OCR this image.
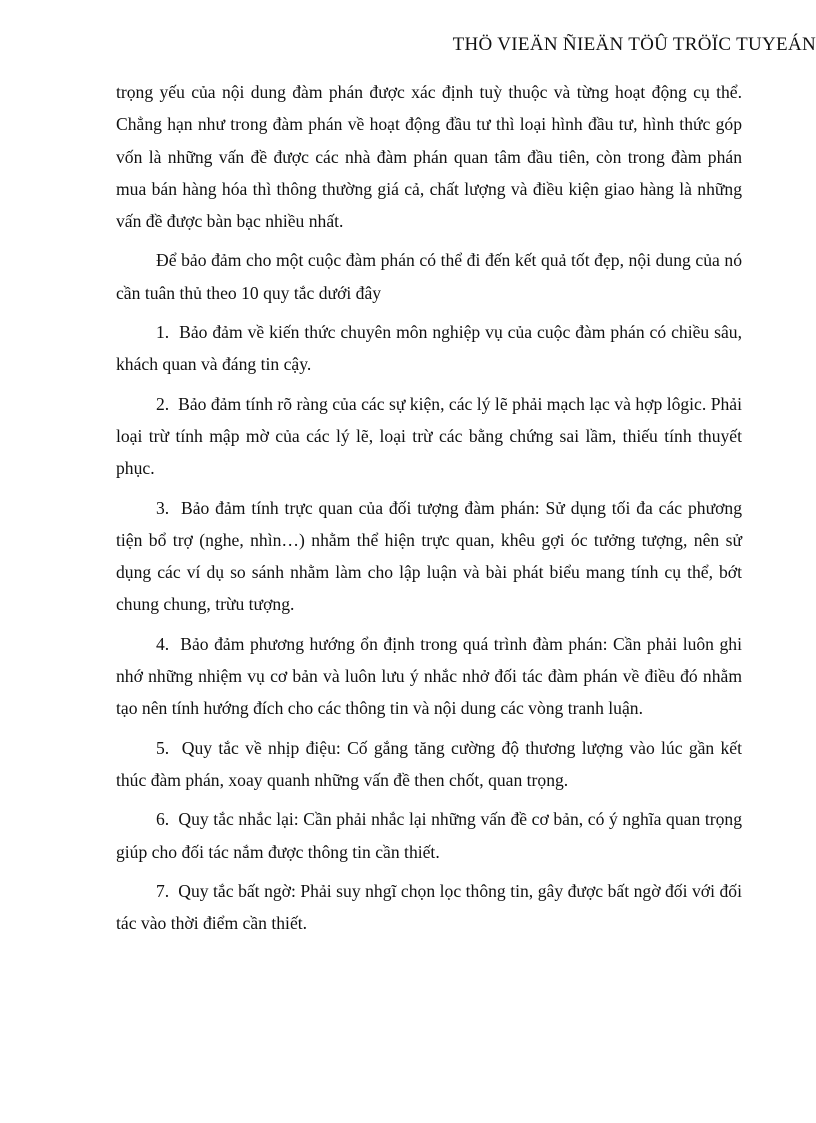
THÖ VIEÄN ÑIEÄN TÖÛ TRÖÏC TUYEÁN

trọng yếu của nội dung đàm phán được xác định tuỳ thuộc và từng hoạt động cụ thể. Chẳng hạn như trong đàm phán về hoạt động đầu tư thì loại hình đầu tư, hình thức góp vốn là những vấn đề được các nhà đàm phán quan tâm đầu tiên, còn trong đàm phán mua bán hàng hóa thì thông thường giá cả, chất lượng và điều kiện giao hàng là những vấn đề được bàn bạc nhiều nhất.

Để bảo đảm cho một cuộc đàm phán có thể đi đến kết quả tốt đẹp, nội dung của nó cần tuân thủ theo 10 quy tắc dưới đây

1. Bảo đảm về kiến thức chuyên môn nghiệp vụ của cuộc đàm phán có chiều sâu, khách quan và đáng tin cậy.

2. Bảo đảm tính rõ ràng của các sự kiện, các lý lẽ phải mạch lạc và hợp lôgic. Phải loại trừ tính mập mờ của các lý lẽ, loại trừ các bằng chứng sai lầm, thiếu tính thuyết phục.

3. Bảo đảm tính trực quan của đối tượng đàm phán: Sử dụng tối đa các phương tiện bổ trợ (nghe, nhìn…) nhằm thể hiện trực quan, khêu gợi óc tưởng tượng, nên sử dụng các ví dụ so sánh nhằm làm cho lập luận và bài phát biểu mang tính cụ thể, bớt chung chung, trừu tượng.

4. Bảo đảm phương hướng ổn định trong quá trình đàm phán: Cần phải luôn ghi nhớ những nhiệm vụ cơ bản và luôn lưu ý nhắc nhở đối tác đàm phán về điều đó nhằm tạo nên tính hướng đích cho các thông tin và nội dung các vòng tranh luận.

5. Quy tắc về nhịp điệu: Cố gắng tăng cường độ thương lượng vào lúc gần kết thúc đàm phán, xoay quanh những vấn đề then chốt, quan trọng.

6. Quy tắc nhắc lại: Cần phải nhắc lại những vấn đề cơ bản, có ý nghĩa quan trọng giúp cho đối tác nắm được thông tin cần thiết.

7. Quy tắc bất ngờ: Phải suy nhgĩ chọn lọc thông tin, gây được bất ngờ đối với đối tác vào thời điểm cần thiết.
